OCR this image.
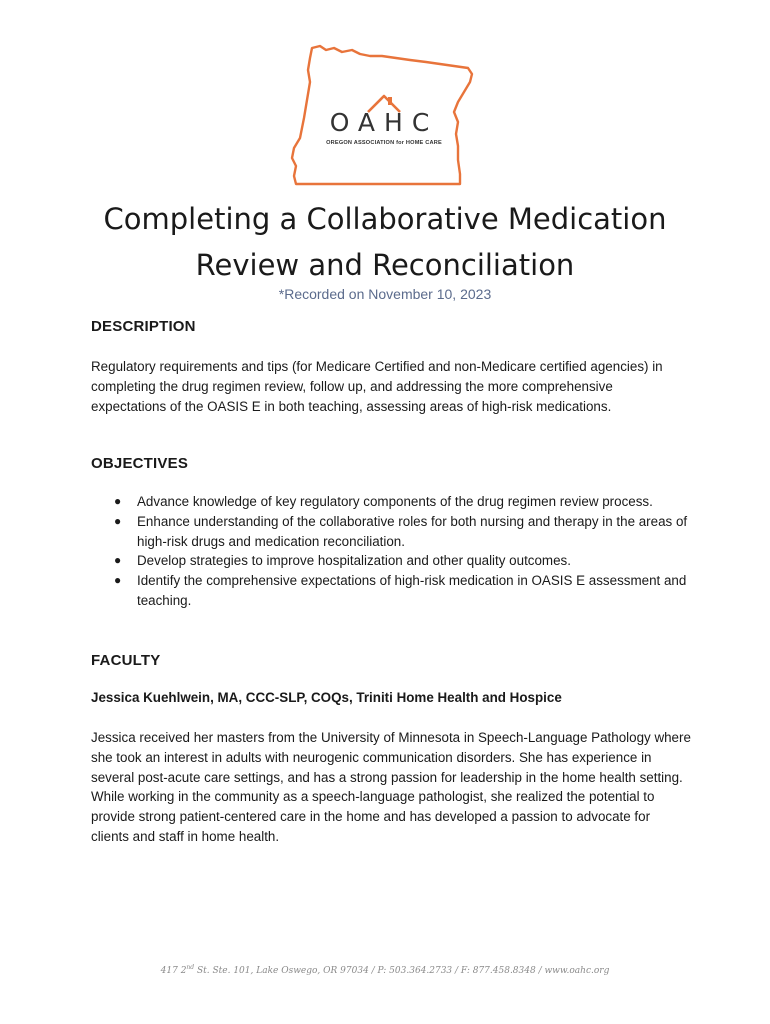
OAHC
OREGON ASSOCIATION for HOME CARE
Completing a Collaborative Medication Review and Reconciliation
*Recorded on November 10, 2023
DESCRIPTION

Regulatory requirements and tips (for Medicare Certified and non-Medicare certified agencies) in completing the drug regimen review, follow up, and addressing the more comprehensive expectations of the OASIS E in both teaching, assessing areas of high-risk medications.

OBJECTIVES
● Advance knowledge of key regulatory components of the drug regimen review process.
● Enhance understanding of the collaborative roles for both nursing and therapy in the areas of high-risk drugs and medication reconciliation.
● Develop strategies to improve hospitalization and other quality outcomes.
● Identify the comprehensive expectations of high-risk medication in OASIS E assessment and teaching.
FACULTY

Jessica Kuehlwein, MA, CCC-SLP, COQs, Triniti Home Health and Hospice

Jessica received her masters from the University of Minnesota in Speech-Language Pathology where she took an interest in adults with neurogenic communication disorders. She has experience in several post-acute care settings, and has a strong passion for leadership in the home health setting. While working in the community as a speech-language pathologist, she realized the potential to provide strong patient-centered care in the home and has developed a passion to advocate for clients and staff in home health.

417 2nd St. Ste. 101, Lake Oswego, OR 97034 / P: 503.364.2733 / F: 877.458.8348 / www.oahc.org
